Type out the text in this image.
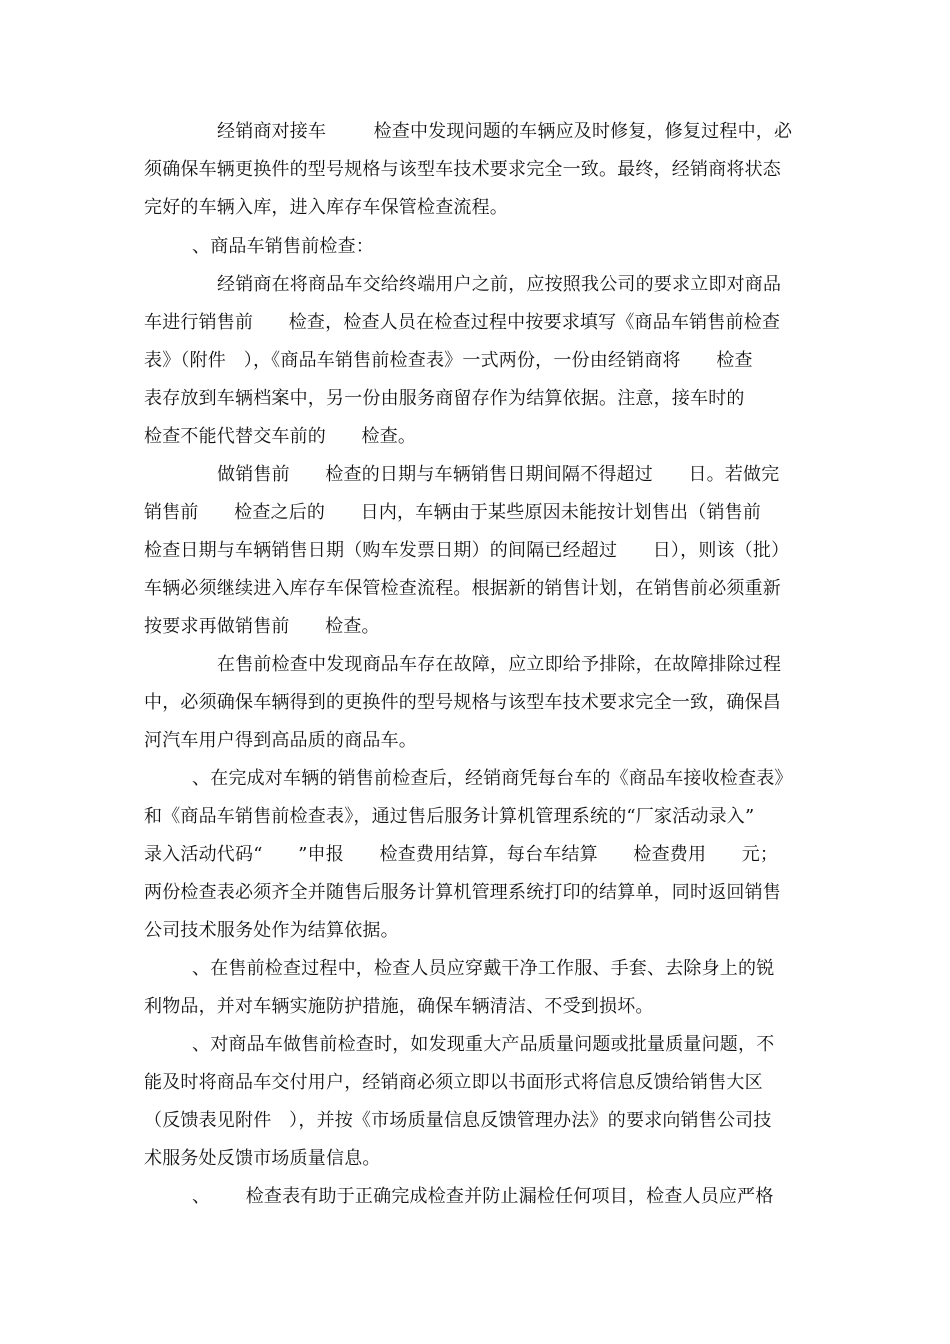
经销商对接车        检查中发现问题的车辆应及时修复，修复过程中，必
须确保车辆更换件的型号规格与该型车技术要求完全一致。最终，经销商将状态
完好的车辆入库，进入库存车保管检查流程。
、商品车销售前检查：
经销商在将商品车交给终端用户之前，应按照我公司的要求立即对商品
车进行销售前      检查，检查人员在检查过程中按要求填写《商品车销售前检查
表》（附件   ），《商品车销售前检查表》一式两份，一份由经销商将      检查
表存放到车辆档案中，另一份由服务商留存作为结算依据。注意，接车时的
检查不能代替交车前的      检查。
做销售前      检查的日期与车辆销售日期间隔不得超过      日。若做完
销售前      检查之后的      日内，车辆由于某些原因未能按计划售出（销售前
检查日期与车辆销售日期（购车发票日期）的间隔已经超过      日），则该（批）
车辆必须继续进入库存车保管检查流程。根据新的销售计划，在销售前必须重新
按要求再做销售前      检查。
在售前检查中发现商品车存在故障，应立即给予排除，在故障排除过程
中，必须确保车辆得到的更换件的型号规格与该型车技术要求完全一致，确保昌
河汽车用户得到高品质的商品车。
、在完成对车辆的销售前检查后，经销商凭每台车的《商品车接收检查表》
和《商品车销售前检查表》，通过售后服务计算机管理系统的“厂家活动录入”
录入活动代码“      ”申报      检查费用结算，每台车结算      检查费用      元；
两份检查表必须齐全并随售后服务计算机管理系统打印的结算单，同时返回销售
公司技术服务处作为结算依据。
、在售前检查过程中，检查人员应穿戴干净工作服、手套、去除身上的锐
利物品，并对车辆实施防护措施，确保车辆清洁、不受到损坏。
、对商品车做售前检查时，如发现重大产品质量问题或批量质量问题，不
能及时将商品车交付用户，经销商必须立即以书面形式将信息反馈给销售大区
（反馈表见附件   ），并按《市场质量信息反馈管理办法》的要求向销售公司技
术服务处反馈市场质量信息。
、      检查表有助于正确完成检查并防止漏检任何项目，检查人员应严格
